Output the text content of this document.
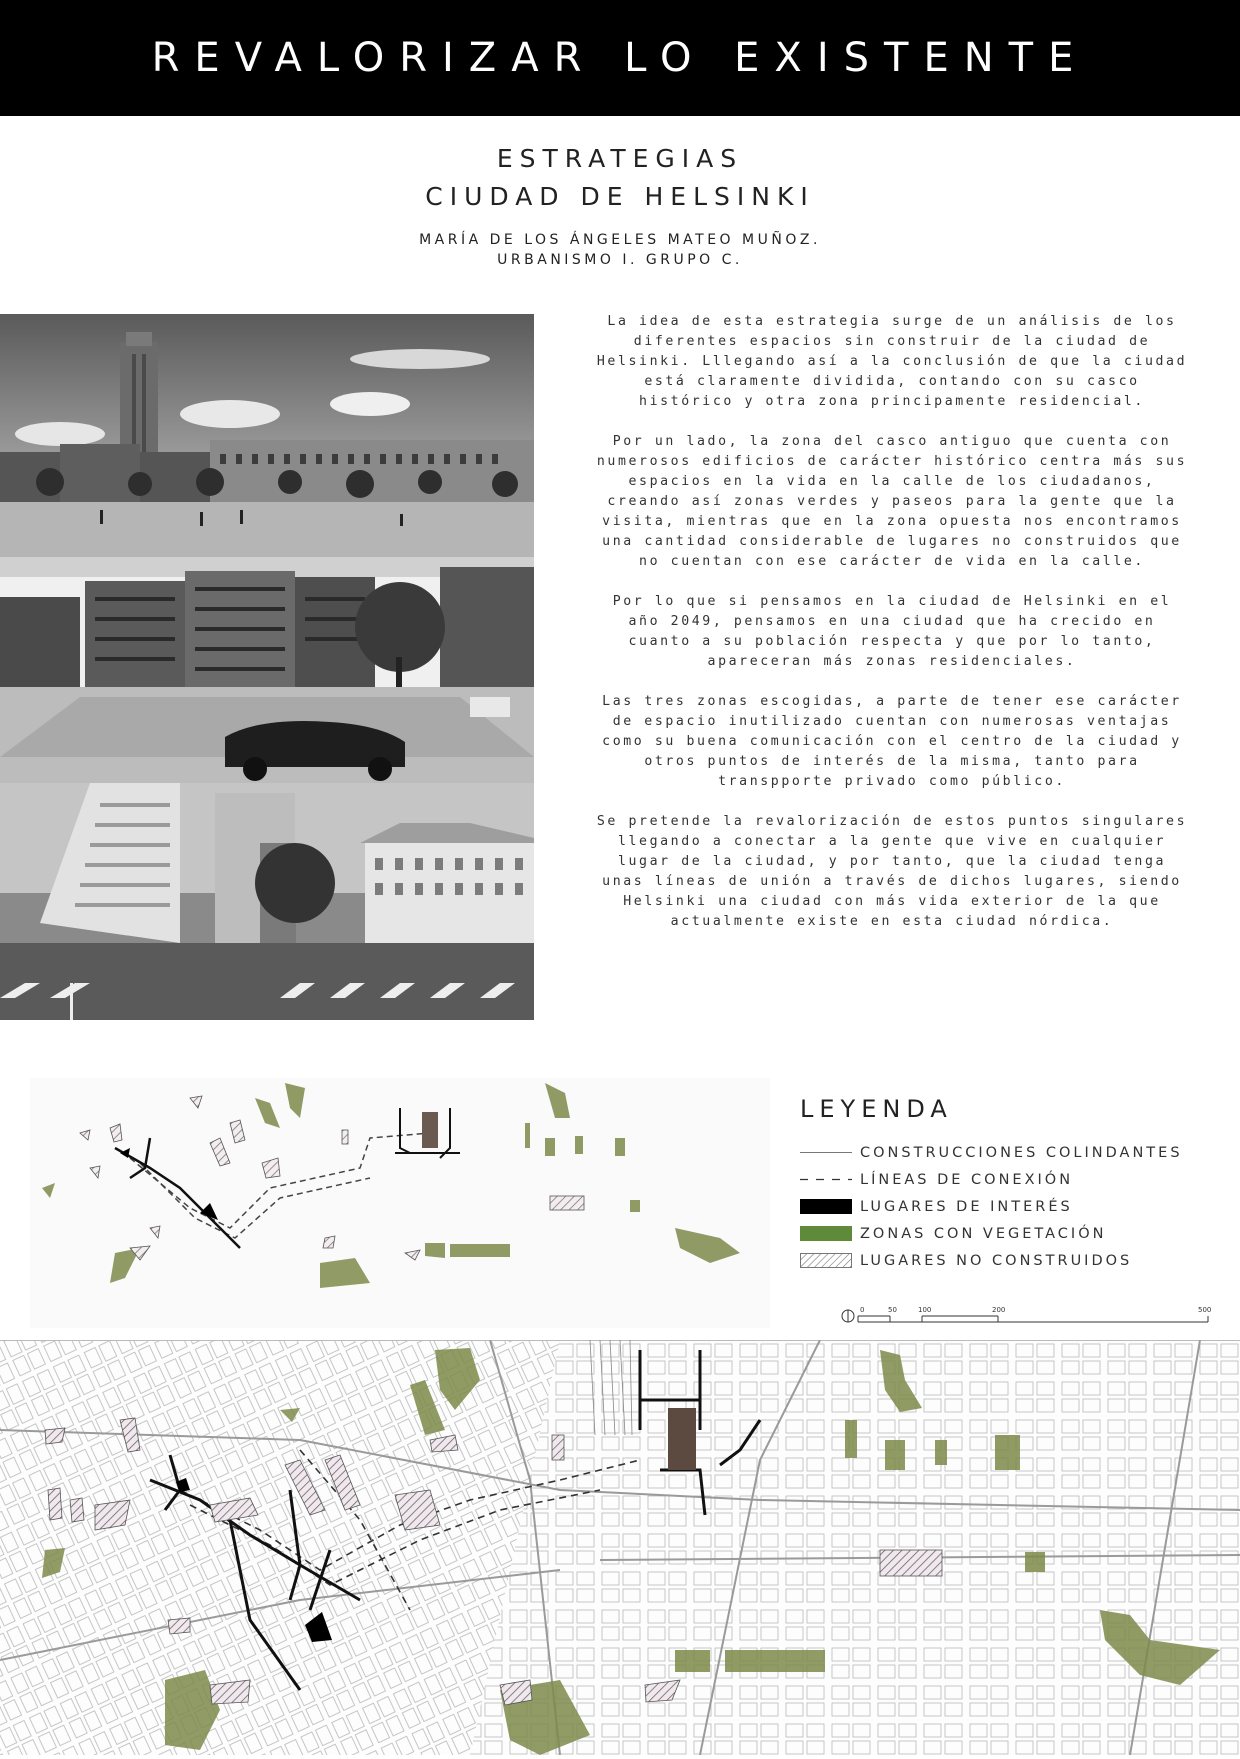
REVALORIZAR LO EXISTENTE
ESTRATEGIAS
CIUDAD DE HELSINKI
MARÍA DE LOS ÁNGELES MATEO MUÑOZ.
URBANISMO I. GRUPO C.

La idea de esta estrategia surge de un análisis de los diferentes espacios sin construir de la ciudad de Helsinki. Lllegando así a la conclusión de que la ciudad está claramente dividida, contando con su casco histórico y otra zona principamente residencial.

Por un lado, la zona del casco antiguo que cuenta con numerosos edificios de carácter histórico centra más sus espacios en la vida en la calle de los ciudadanos, creando así zonas verdes y paseos para la gente que la visita, mientras que en la zona opuesta nos encontramos una cantidad considerable de lugares no construidos que no cuentan con ese carácter de vida en la calle.

Por lo que si pensamos en la ciudad de Helsinki en el año 2049, pensamos en una ciudad que ha crecido en cuanto a su población respecta y que por lo tanto, apareceran más zonas residenciales.

Las tres zonas escogidas, a parte de tener ese carácter de espacio inutilizado cuentan con numerosas ventajas como su buena comunicación con el centro de la ciudad y otros puntos de interés de la misma, tanto para transpporte privado como público.

Se pretende la revalorización de estos puntos singulares llegando a conectar a la gente que vive en cualquier lugar de la ciudad, y por tanto, que la ciudad tenga unas líneas de unión a través de dichos lugares, siendo Helsinki una ciudad con más vida exterior de la que actualmente existe en esta ciudad nórdica.

LEYENDA
CONSTRUCCIONES COLINDANTES
LÍNEAS DE CONEXIÓN
LUGARES DE INTERÉS
ZONAS CON VEGETACIÓN
LUGARES NO CONSTRUIDOS
0	50	100	200	500
